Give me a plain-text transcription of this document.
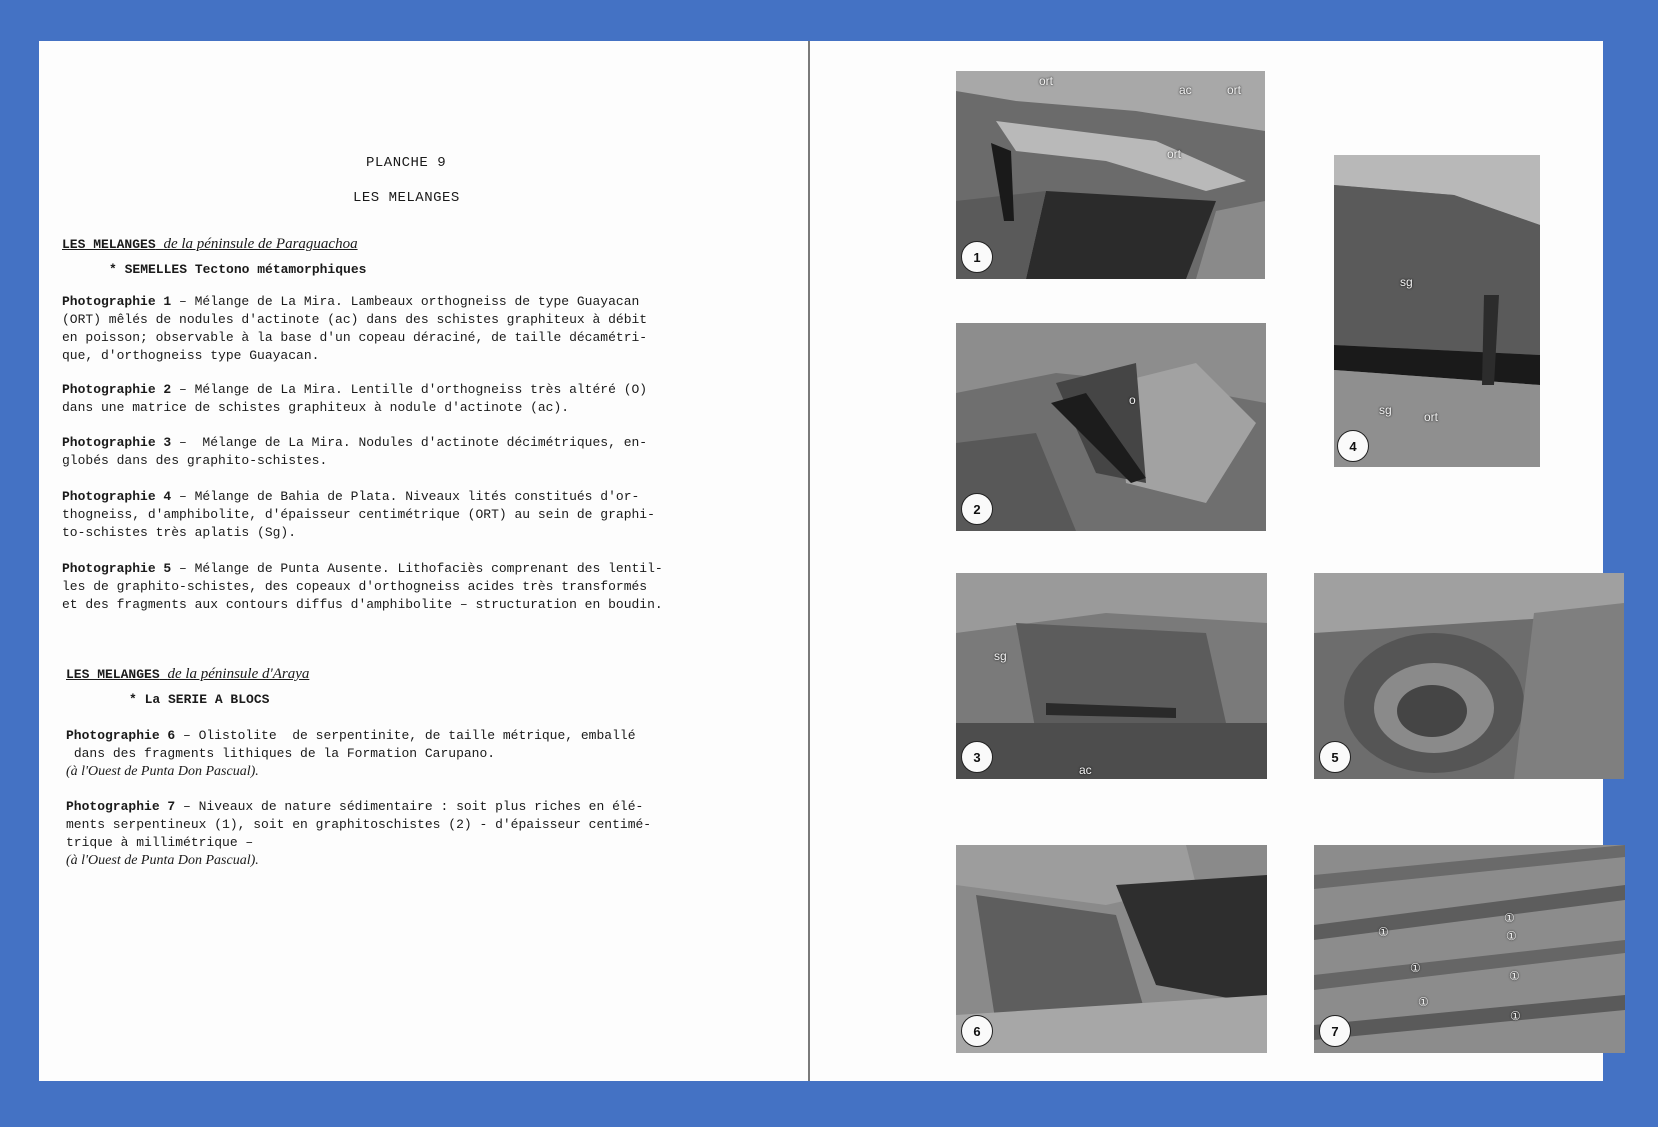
PLANCHE 9
LES MELANGES
LES MELANGES de la péninsule de Paraguachoa
* SEMELLES Tectono métamorphiques
Photographie 1 – Mélange de La Mira. Lambeaux orthogneiss de type Guayacan
(ORT) mêlés de nodules d'actinote (ac) dans des schistes graphiteux à débit
en poisson; observable à la base d'un copeau déraciné, de taille décamétri-
que, d'orthogneiss type Guayacan.
Photographie 2 – Mélange de La Mira. Lentille d'orthogneiss très altéré (O)
dans une matrice de schistes graphiteux à nodule d'actinote (ac).
Photographie 3 –  Mélange de La Mira. Nodules d'actinote décimétriques, en-
globés dans des graphito-schistes.
Photographie 4 – Mélange de Bahia de Plata. Niveaux lités constitués d'or-
thogneiss, d'amphibolite, d'épaisseur centimétrique (ORT) au sein de graphi-
to-schistes très aplatis (Sg).
Photographie 5 – Mélange de Punta Ausente. Lithofaciès comprenant des lentil-
les de graphito-schistes, des copeaux d'orthogneiss acides très transformés
et des fragments aux contours diffus d'amphibolite – structuration en boudin.
LES MELANGES de la péninsule d'Araya
* La SERIE A BLOCS
Photographie 6 – Olistolite  de serpentinite, de taille métrique, emballé
dans des fragments lithiques de la Formation Carupano.
(à l'Ouest de Punta Don Pascual).
Photographie 7 – Niveaux de nature sédimentaire : soit plus riches en élé-
ments serpentineux (1), soit en graphitoschistes (2) - d'épaisseur centimé-
trique à millimétrique –
(à l'Ouest de Punta Don Pascual).
ort
ac	ort
ort
1
o
2
sg
ac
3
sg
sg	ort
4
5
6
①
①
①
①
①
①
①
7
